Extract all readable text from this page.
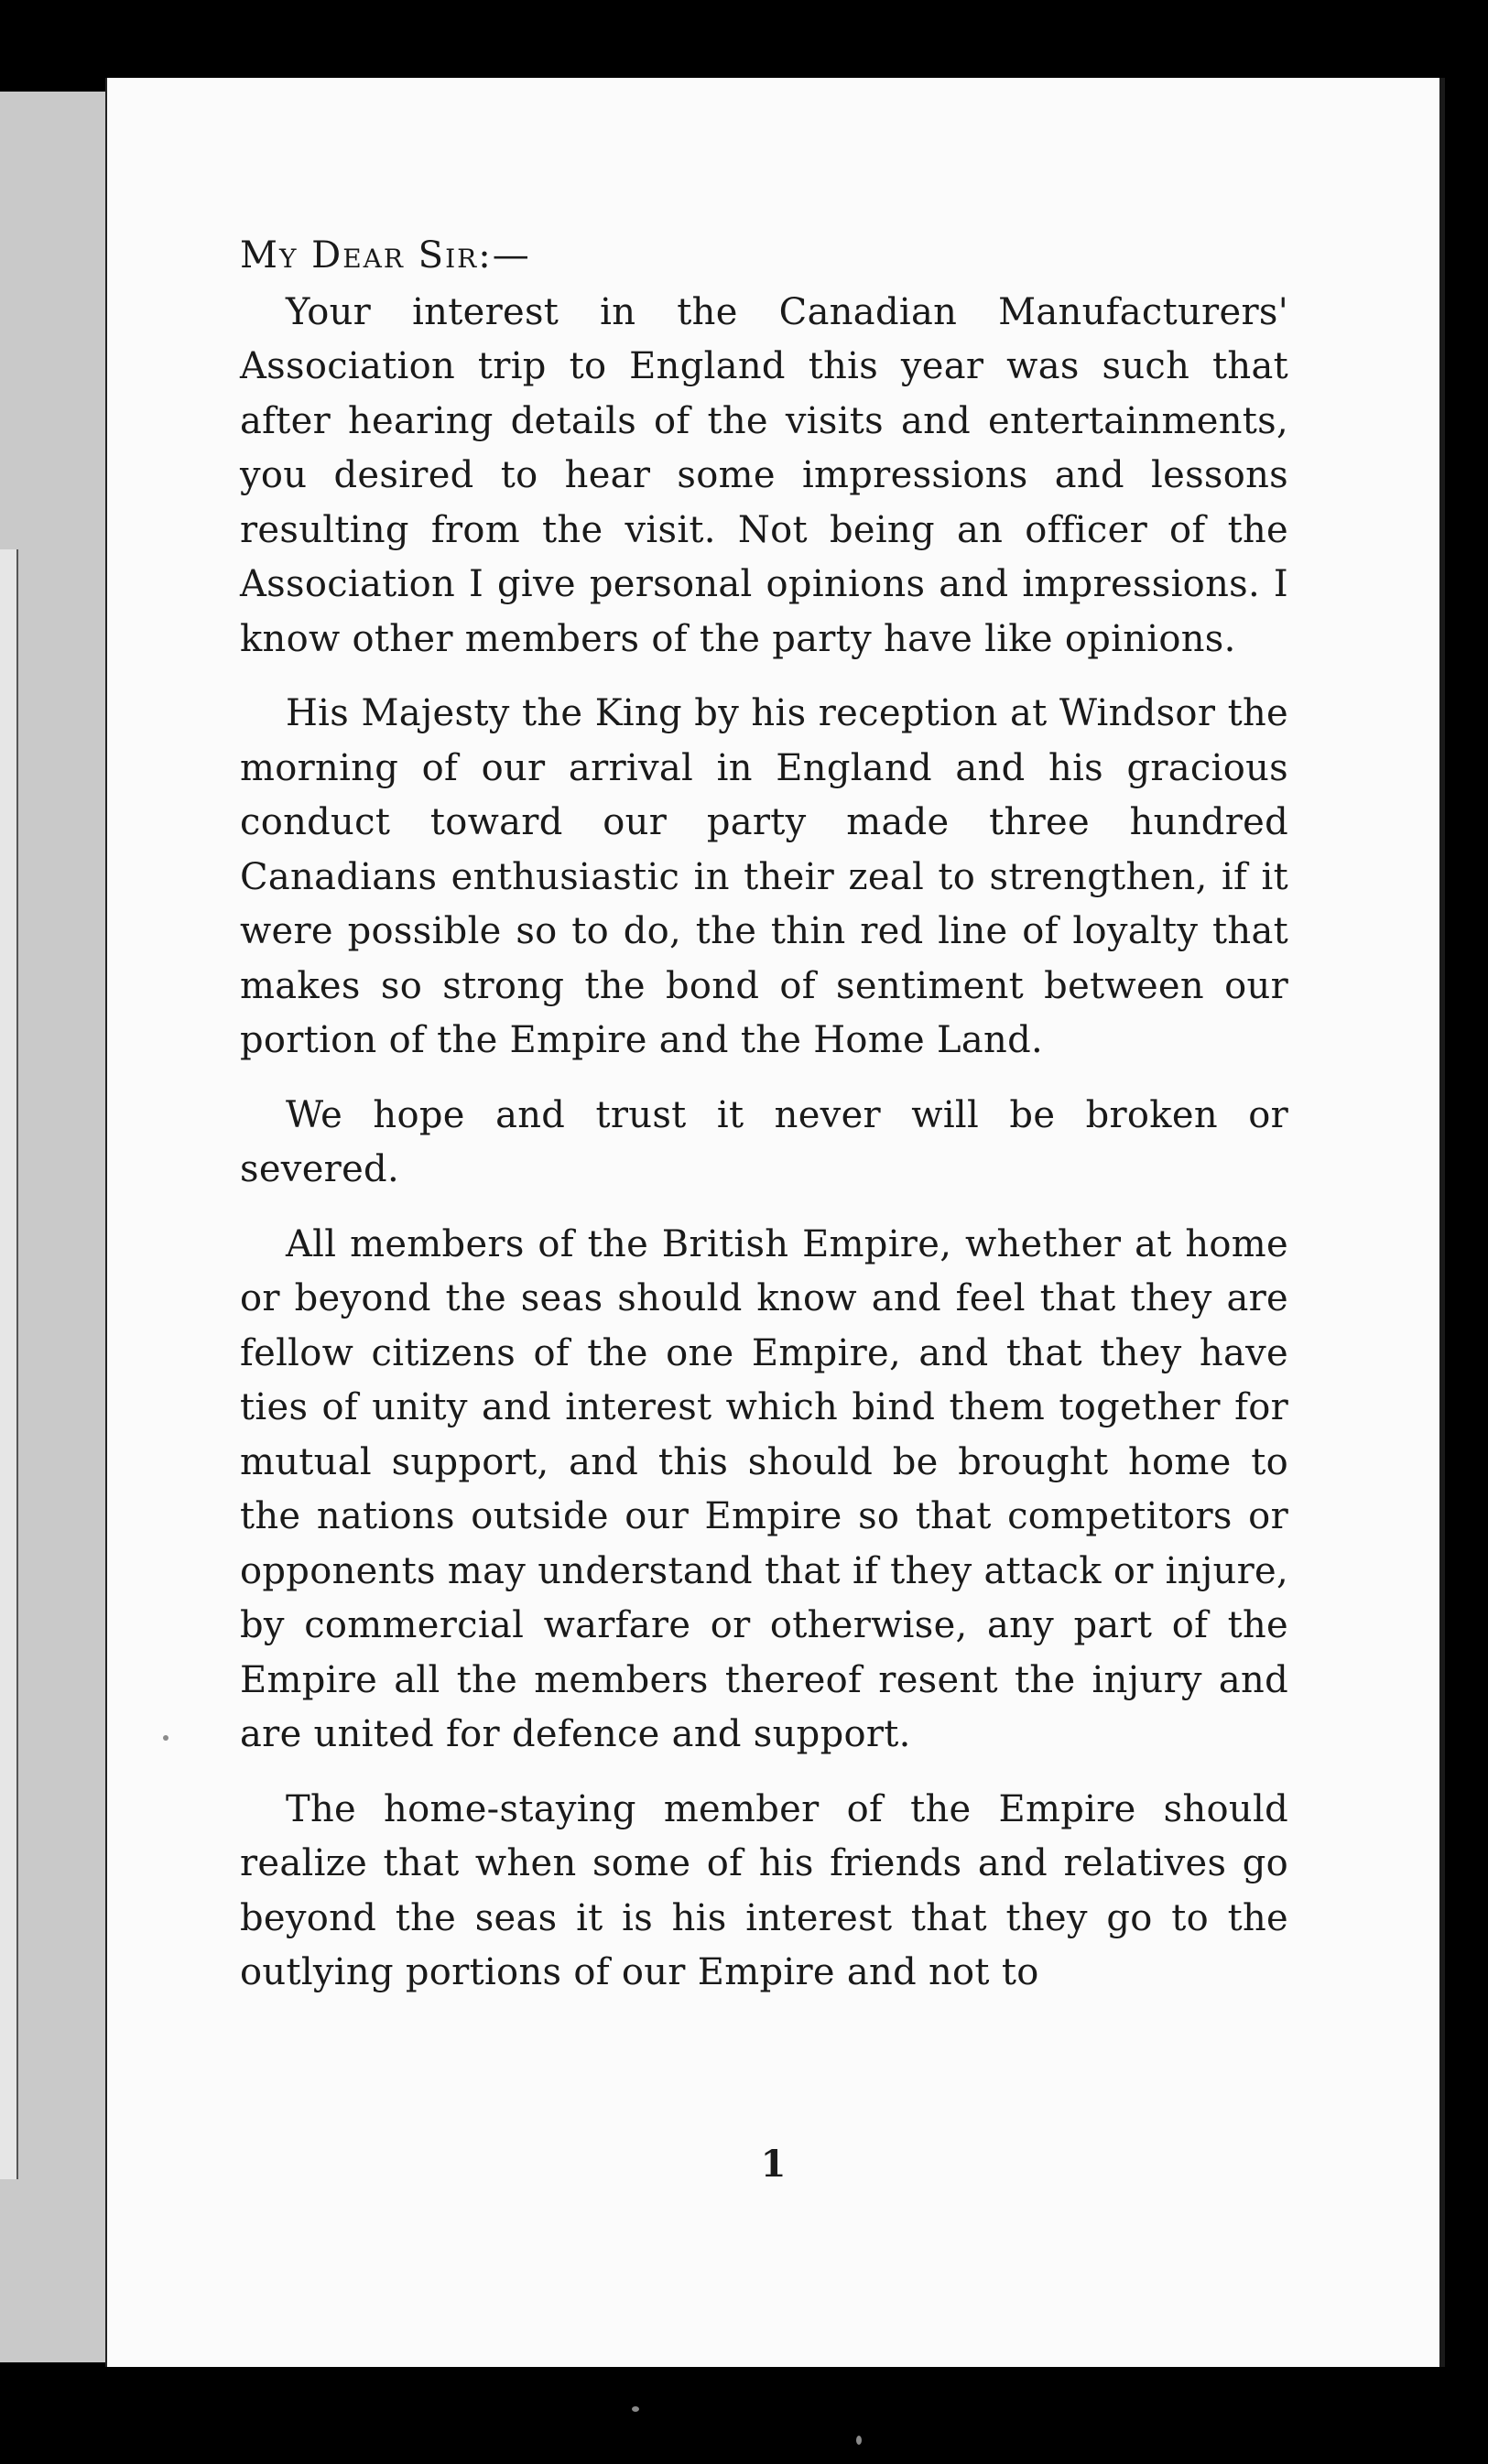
My Dear Sir:—

Your interest in the Canadian Manufacturers' Association trip to England this year was such that after hearing details of the visits and entertainments, you desired to hear some impressions and lessons resulting from the visit. Not being an officer of the Association I give personal opinions and impressions. I know other members of the party have like opinions.

His Majesty the King by his reception at Windsor the morning of our arrival in England and his gracious conduct toward our party made three hundred Canadians enthusiastic in their zeal to strengthen, if it were possible so to do, the thin red line of loyalty that makes so strong the bond of sentiment between our portion of the Empire and the Home Land.

We hope and trust it never will be broken or severed.

All members of the British Empire, whether at home or beyond the seas should know and feel that they are fellow citizens of the one Empire, and that they have ties of unity and interest which bind them together for mutual support, and this should be brought home to the nations outside our Empire so that competitors or opponents may understand that if they attack or injure, by commercial warfare or otherwise, any part of the Empire all the members thereof resent the injury and are united for defence and support.

The home-staying member of the Empire should realize that when some of his friends and relatives go beyond the seas it is his interest that they go to the outlying portions of our Empire and not to

1
